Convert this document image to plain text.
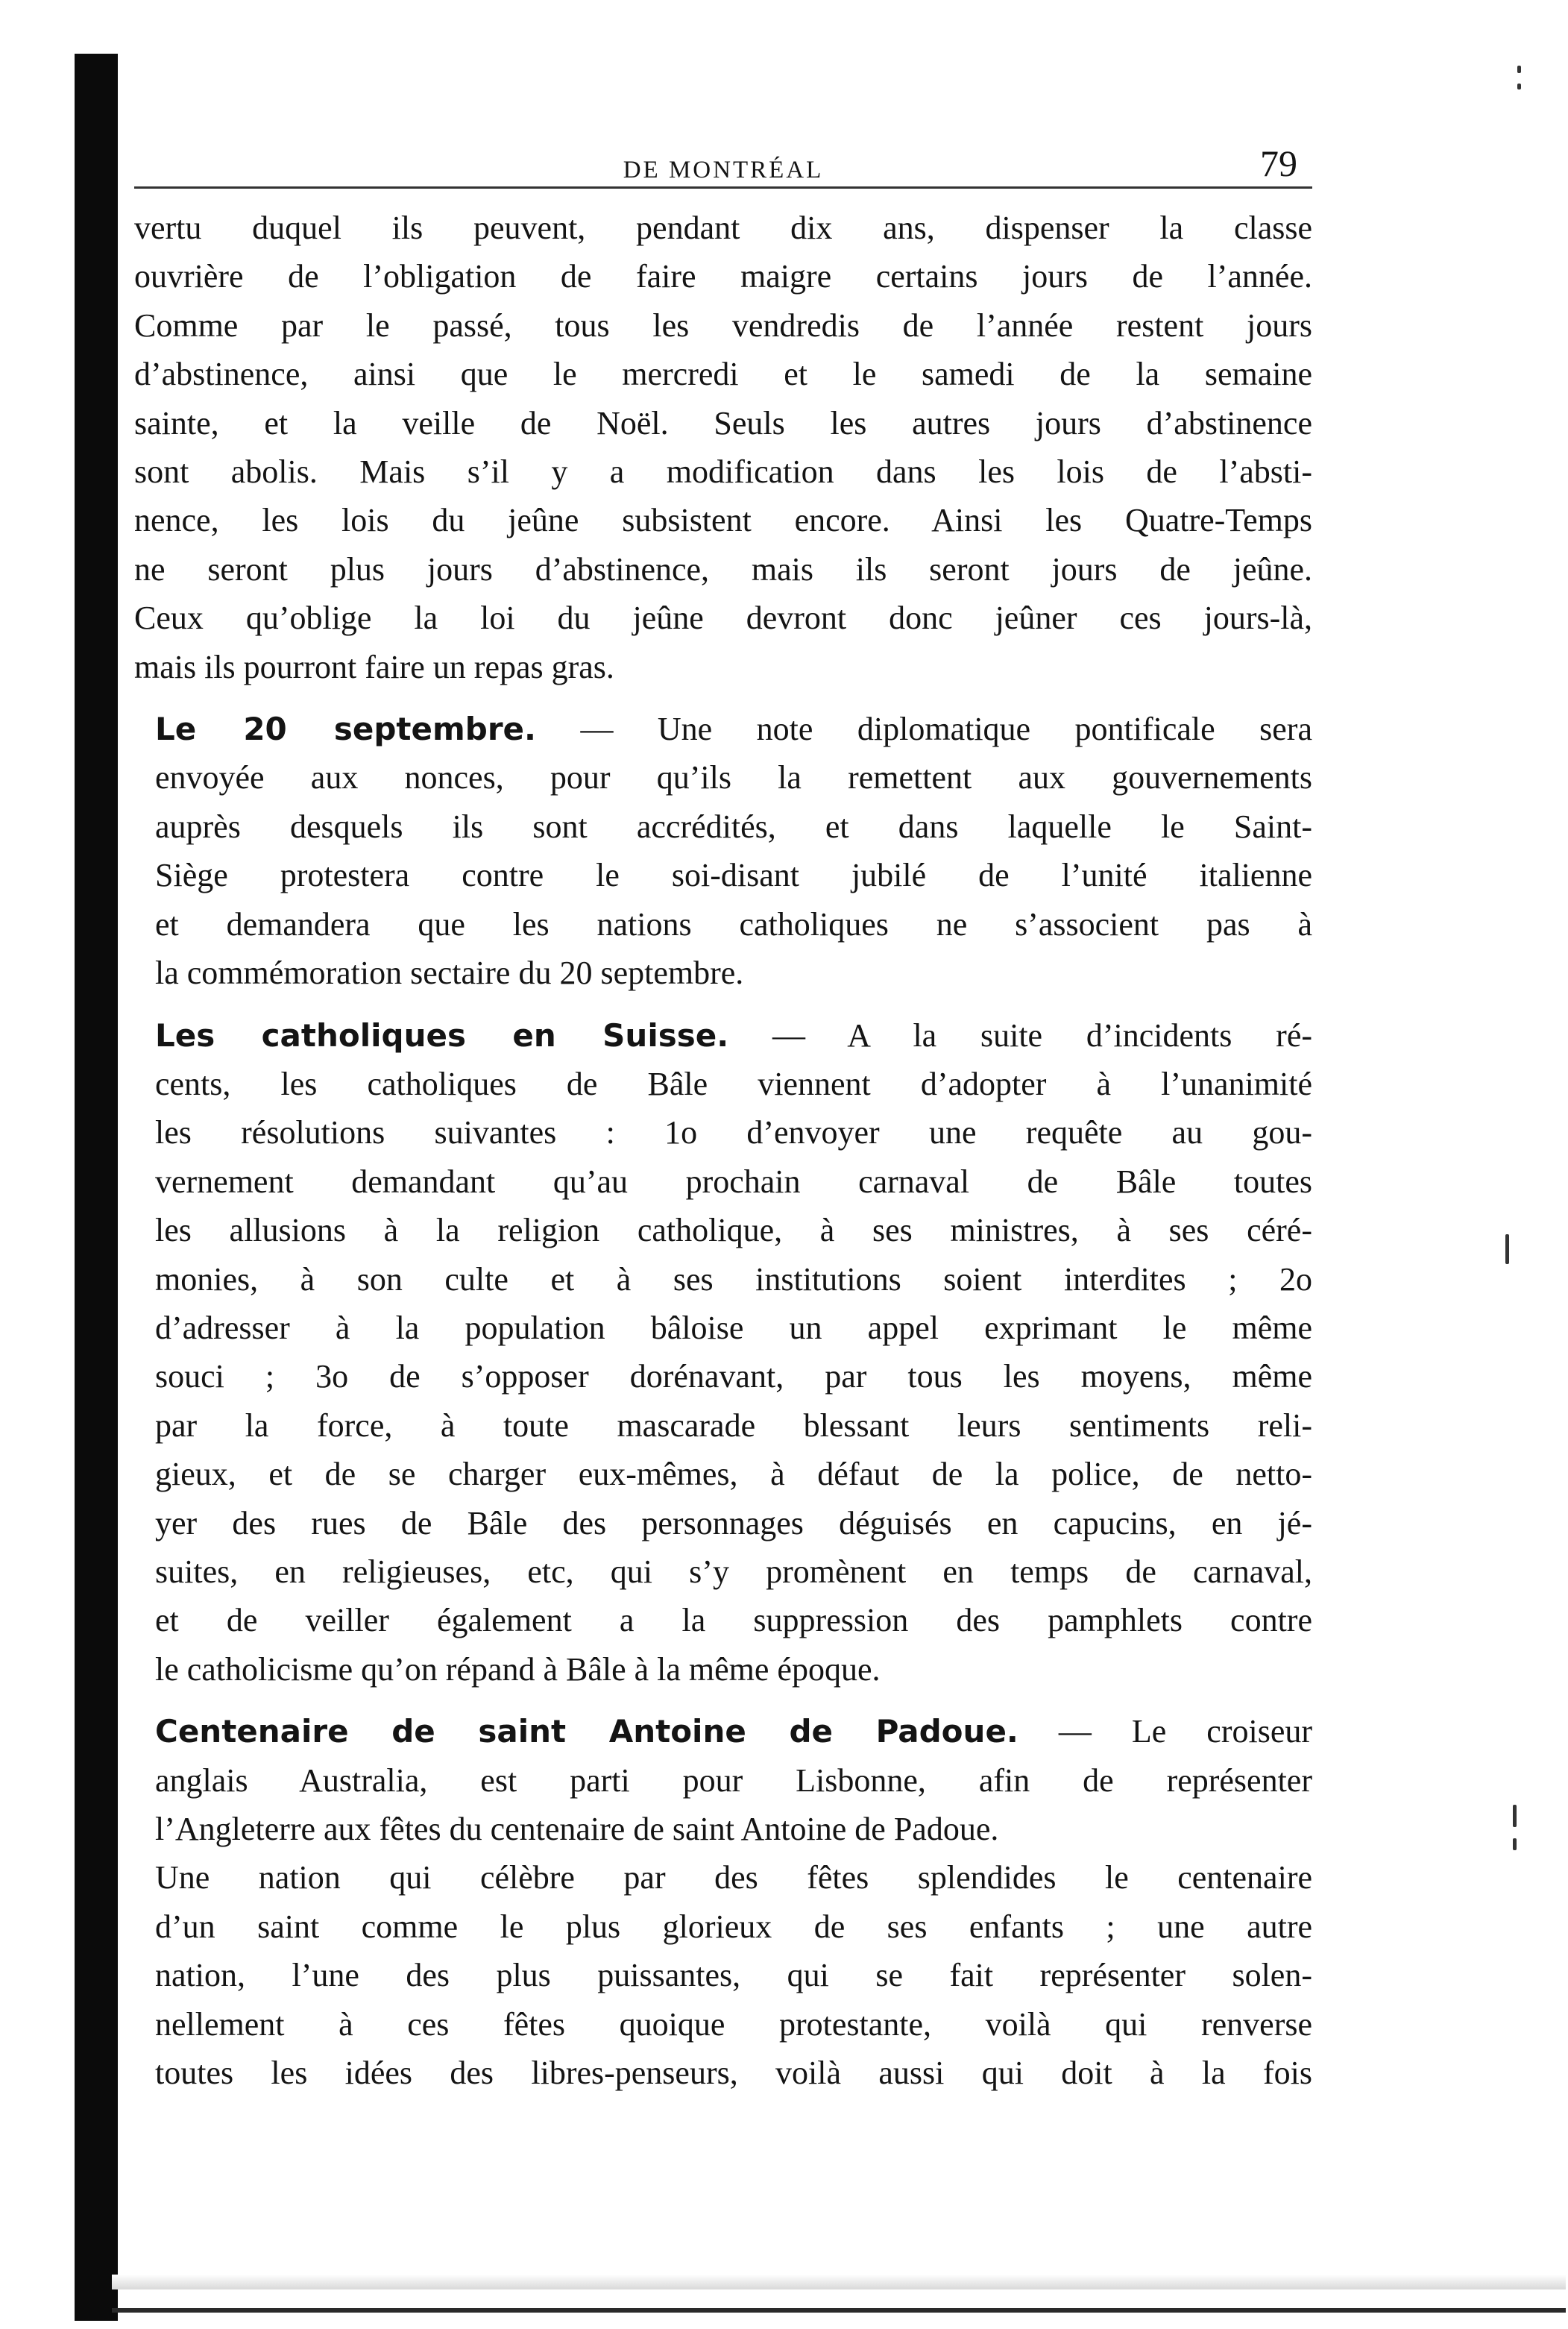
DE MONTRÉAL	79
vertu duquel ils peuvent, pendant dix ans, dispenser la classe
ouvrière de l’obligation de faire maigre certains jours de l’année.
Comme par le passé, tous les vendredis de l’année restent jours
d’abstinence, ainsi que le mercredi et le samedi de la semaine
sainte, et la veille de Noël. Seuls les autres jours d’abstinence
sont abolis. Mais s’il y a modification dans les lois de l’absti-
nence, les lois du jeûne subsistent encore. Ainsi les Quatre-Temps
ne seront plus jours d’abstinence, mais ils seront jours de jeûne.
Ceux qu’oblige la loi du jeûne devront donc jeûner ces jours-là,
mais ils pourront faire un repas gras.
Le 20 septembre. — Une note diplomatique pontificale sera
envoyée aux nonces, pour qu’ils la remettent aux gouvernements
auprès desquels ils sont accrédités, et dans laquelle le Saint-
Siège protestera contre le soi-disant jubilé de l’unité italienne
et demandera que les nations catholiques ne s’associent pas à
la commémoration sectaire du 20 septembre.
Les catholiques en Suisse. — A la suite d’incidents ré-
cents, les catholiques de Bâle viennent d’adopter à l’unanimité
les résolutions suivantes : 1o d’envoyer une requête au gou-
vernement demandant qu’au prochain carnaval de Bâle toutes
les allusions à la religion catholique, à ses ministres, à ses céré-
monies, à son culte et à ses institutions soient interdites ; 2o
d’adresser à la population bâloise un appel exprimant le même
souci ; 3o de s’opposer dorénavant, par tous les moyens, même
par la force, à toute mascarade blessant leurs sentiments reli-
gieux, et de se charger eux-mêmes, à défaut de la police, de netto-
yer des rues de Bâle des personnages déguisés en capucins, en jé-
suites, en religieuses, etc, qui s’y promènent en temps de carnaval,
et de veiller également a la suppression des pamphlets contre
le catholicisme qu’on répand à Bâle à la même époque.
Centenaire de saint Antoine de Padoue. — Le croiseur
anglais Australia, est parti pour Lisbonne, afin de représenter
l’Angleterre aux fêtes du centenaire de saint Antoine de Padoue.
Une nation qui célèbre par des fêtes splendides le centenaire
d’un saint comme le plus glorieux de ses enfants ; une autre
nation, l’une des plus puissantes, qui se fait représenter solen-
nellement à ces fêtes quoique protestante, voilà qui renverse
toutes les idées des libres-penseurs, voilà aussi qui doit à la fois
